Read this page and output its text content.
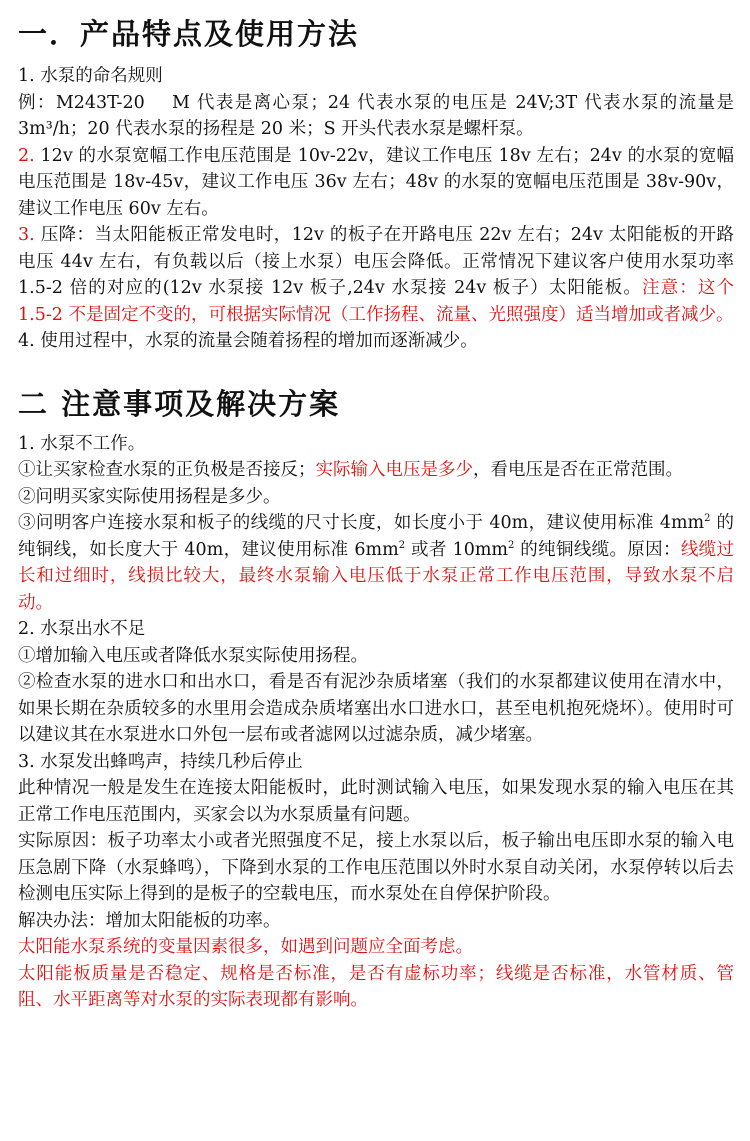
一．产品特点及使用方法

1. 水泵的命名规则

例：M243T-20　 M 代表是离心泵；24 代表水泵的电压是 24V;3T 代表水泵的流量是 3m³/h；20 代表水泵的扬程是 20 米；S 开头代表水泵是螺杆泵。

2. 12v 的水泵宽幅工作电压范围是 10v-22v，建议工作电压 18v 左右；24v 的水泵的宽幅电压范围是 18v-45v，建议工作电压 36v 左右；48v 的水泵的宽幅电压范围是 38v-90v，建议工作电压 60v 左右。

3. 压降：当太阳能板正常发电时，12v 的板子在开路电压 22v 左右；24v 太阳能板的开路电压 44v 左右，有负载以后（接上水泵）电压会降低。正常情况下建议客户使用水泵功率 1.5-2 倍的对应的(12v 水泵接 12v 板子,24v 水泵接 24v 板子）太阳能板。注意：这个 1.5-2 不是固定不变的，可根据实际情况（工作扬程、流量、光照强度）适当增加或者减少。

4. 使用过程中，水泵的流量会随着扬程的增加而逐渐减少。

二 注意事项及解决方案

1. 水泵不工作。

①让买家检查水泵的正负极是否接反；实际输入电压是多少，看电压是否在正常范围。

②问明买家实际使用扬程是多少。

③问明客户连接水泵和板子的线缆的尺寸长度，如长度小于 40m，建议使用标准 $4mm^2$ 的纯铜线，如长度大于 40m，建议使用标准 $6mm^2$ 或者 $10mm^2$ 的纯铜线缆。原因：线缆过长和过细时，线损比较大，最终水泵输入电压低于水泵正常工作电压范围，导致水泵不启动。

2. 水泵出水不足

①增加输入电压或者降低水泵实际使用扬程。

②检查水泵的进水口和出水口，看是否有泥沙杂质堵塞（我们的水泵都建议使用在清水中，如果长期在杂质较多的水里用会造成杂质堵塞出水口进水口，甚至电机抱死烧坏）。使用时可以建议其在水泵进水口外包一层布或者滤网以过滤杂质，减少堵塞。

3. 水泵发出蜂鸣声，持续几秒后停止

此种情况一般是发生在连接太阳能板时，此时测试输入电压，如果发现水泵的输入电压在其正常工作电压范围内，买家会以为水泵质量有问题。

实际原因：板子功率太小或者光照强度不足，接上水泵以后，板子输出电压即水泵的输入电压急剧下降（水泵蜂鸣），下降到水泵的工作电压范围以外时水泵自动关闭，水泵停转以后去检测电压实际上得到的是板子的空载电压，而水泵处在自停保护阶段。

解决办法：增加太阳能板的功率。

太阳能水泵系统的变量因素很多，如遇到问题应全面考虑。

太阳能板质量是否稳定、规格是否标准，是否有虚标功率；线缆是否标准，水管材质、管阻、水平距离等对水泵的实际表现都有影响。
